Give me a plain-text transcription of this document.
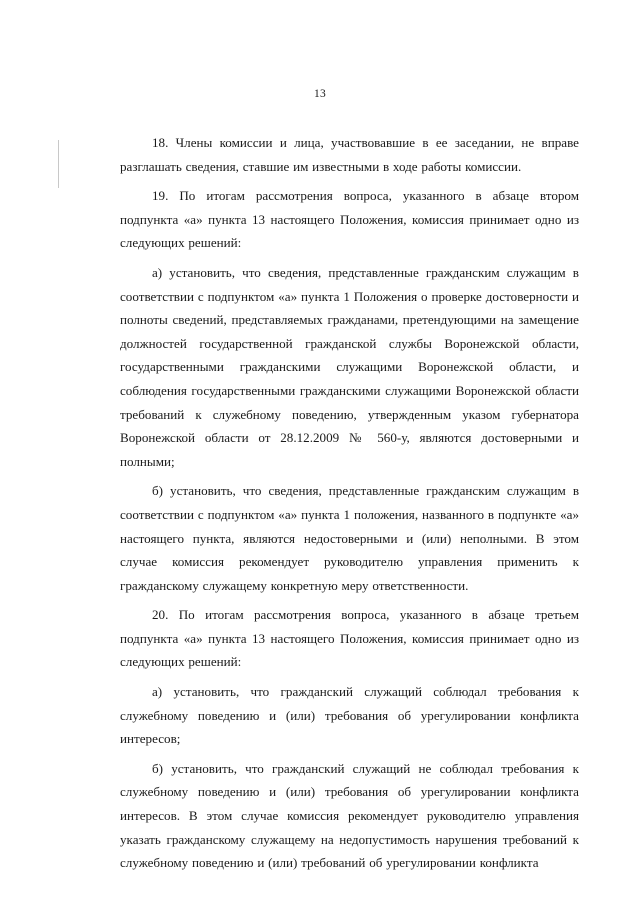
13

18. Члены комиссии и лица, участвовавшие в ее заседании, не вправе разглашать сведения, ставшие им известными в ходе работы комиссии.

19. По итогам рассмотрения вопроса, указанного в абзаце втором подпункта «а» пункта 13 настоящего Положения, комиссия принимает одно из следующих решений:

а) установить, что сведения, представленные гражданским служащим в соответствии с подпунктом «а» пункта 1 Положения о проверке достоверности и полноты сведений, представляемых гражданами, претендующими на замещение должностей государственной гражданской службы Воронежской области, государственными гражданскими служащими Воронежской области, и соблюдения государственными гражданскими служащими Воронежской области требований к служебному поведению, утвержденным указом губернатора Воронежской области от 28.12.2009 № 560-у, являются достоверными и полными;

б) установить, что сведения, представленные гражданским служащим в соответствии с подпунктом «а» пункта 1 положения, названного в подпункте «а» настоящего пункта, являются недостоверными и (или) неполными. В этом случае комиссия рекомендует руководителю управления применить к гражданскому служащему конкретную меру ответственности.

20. По итогам рассмотрения вопроса, указанного в абзаце третьем подпункта «а» пункта 13 настоящего Положения, комиссия принимает одно из следующих решений:

а) установить, что гражданский служащий соблюдал требования к служебному поведению и (или) требования об урегулировании конфликта интересов;

б) установить, что гражданский служащий не соблюдал требования к служебному поведению и (или) требования об урегулировании конфликта интересов. В этом случае комиссия рекомендует руководителю управления указать гражданскому служащему на недопустимость нарушения требований к служебному поведению и (или) требований об урегулировании конфликта
